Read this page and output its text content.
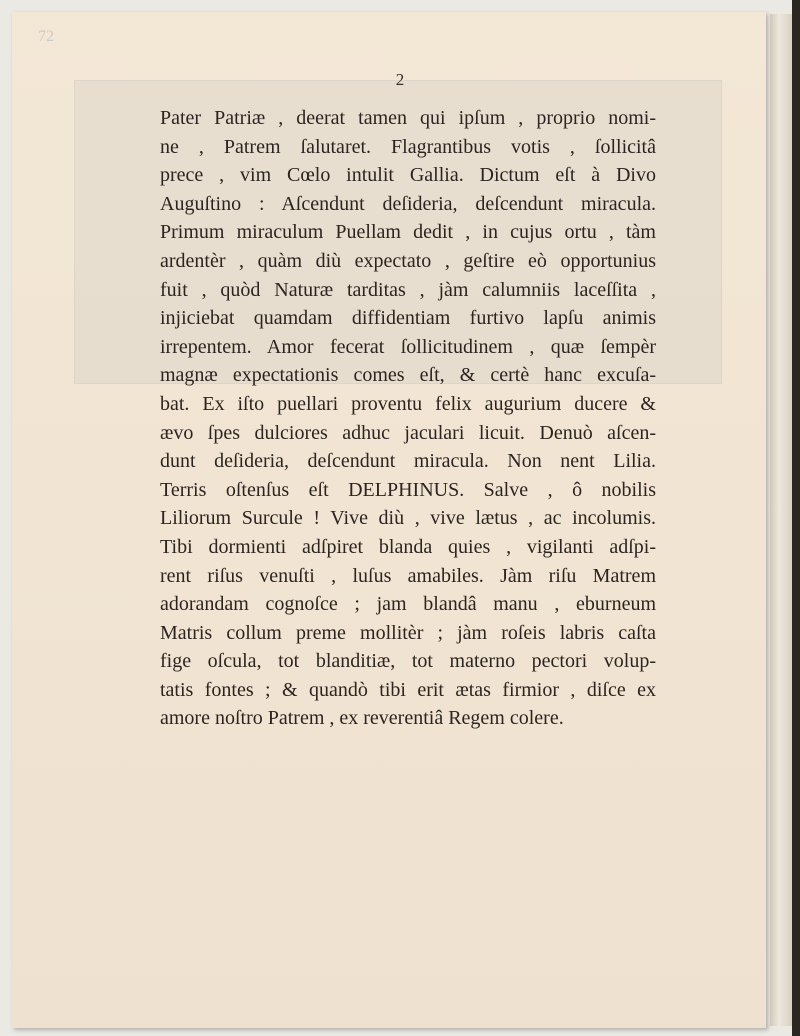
72
2
Pater Patriæ , deerat tamen qui ipſum , proprio nomi-
ne , Patrem ſalutaret. Flagrantibus votis , ſollicitâ
prece , vim Cœlo intulit Gallia. Dictum eſt à Divo
Auguſtino : Aſcendunt deſideria, deſcendunt miracula.
Primum miraculum Puellam dedit , in cujus ortu , tàm
ardentèr , quàm diù expectato , geſtire eò opportunius
fuit , quòd Naturæ tarditas , jàm calumniis laceſſita ,
injiciebat quamdam diffidentiam furtivo lapſu animis
irrepentem. Amor fecerat ſollicitudinem , quæ ſempèr
magnæ expectationis comes eſt, & certè hanc excuſa-
bat. Ex iſto puellari proventu felix augurium ducere &
ævo ſpes dulciores adhuc jaculari licuit. Denuò aſcen-
dunt deſideria, deſcendunt miracula. Non nent Lilia.
Terris oſtenſus eſt DELPHINUS. Salve , ô nobilis
Liliorum Surcule ! Vive diù , vive lætus , ac incolumis.
Tibi dormienti adſpiret blanda quies , vigilanti adſpi-
rent riſus venuſti , luſus amabiles. Jàm riſu Matrem
adorandam cognoſce ; jam blandâ manu , eburneum
Matris collum preme mollitèr ; jàm roſeis labris caſta
fige oſcula, tot blanditiæ, tot materno pectori volup-
tatis fontes ; & quandò tibi erit ætas firmior , diſce ex
amore noſtro Patrem , ex reverentiâ Regem colere.
